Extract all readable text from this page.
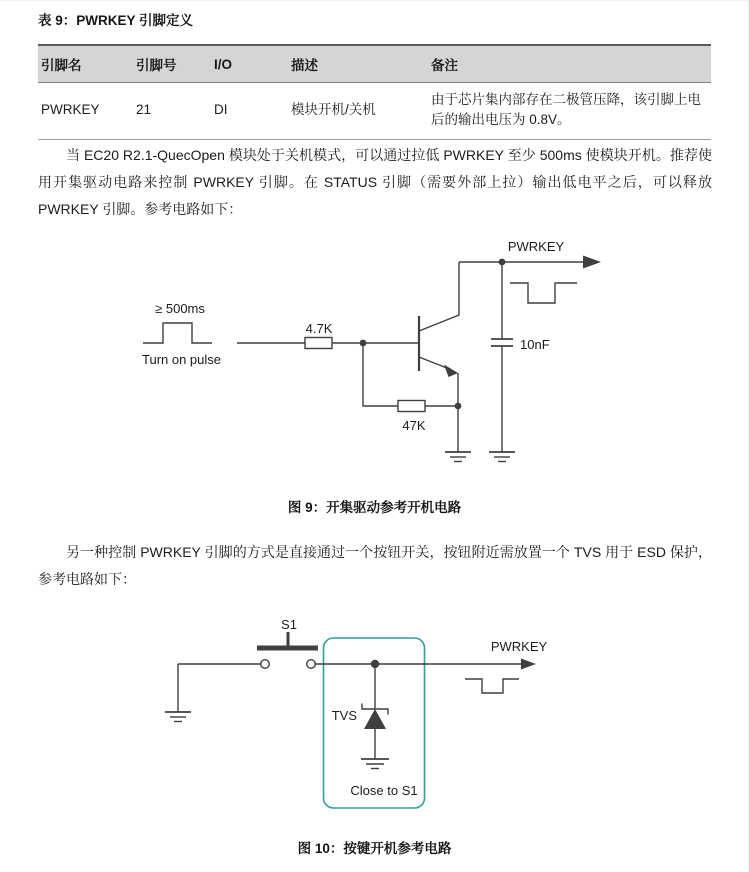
表 9：PWRKEY 引脚定义
引脚名	引脚号	I/O	描述	备注
PWRKEY	21	DI	模块开机/关机	由于芯片集内部存在二极管压降，该引脚上电后的输出电压为 0.8V。
当 EC20 R2.1-QuecOpen 模块处于关机模式，可以通过拉低 PWRKEY 至少 500ms 使模块开机。推荐使用开集驱动电路来控制 PWRKEY 引脚。在 STATUS 引脚（需要外部上拉）输出低电平之后，可以释放 PWRKEY 引脚。参考电路如下：
≥ 500ms
Turn on pulse
4.7K
47K
10nF
PWRKEY
图 9：开集驱动参考开机电路
另一种控制 PWRKEY 引脚的方式是直接通过一个按钮开关，按钮附近需放置一个 TVS 用于 ESD 保护，参考电路如下：
S1
PWRKEY
TVS
Close to S1
图 10：按键开机参考电路
